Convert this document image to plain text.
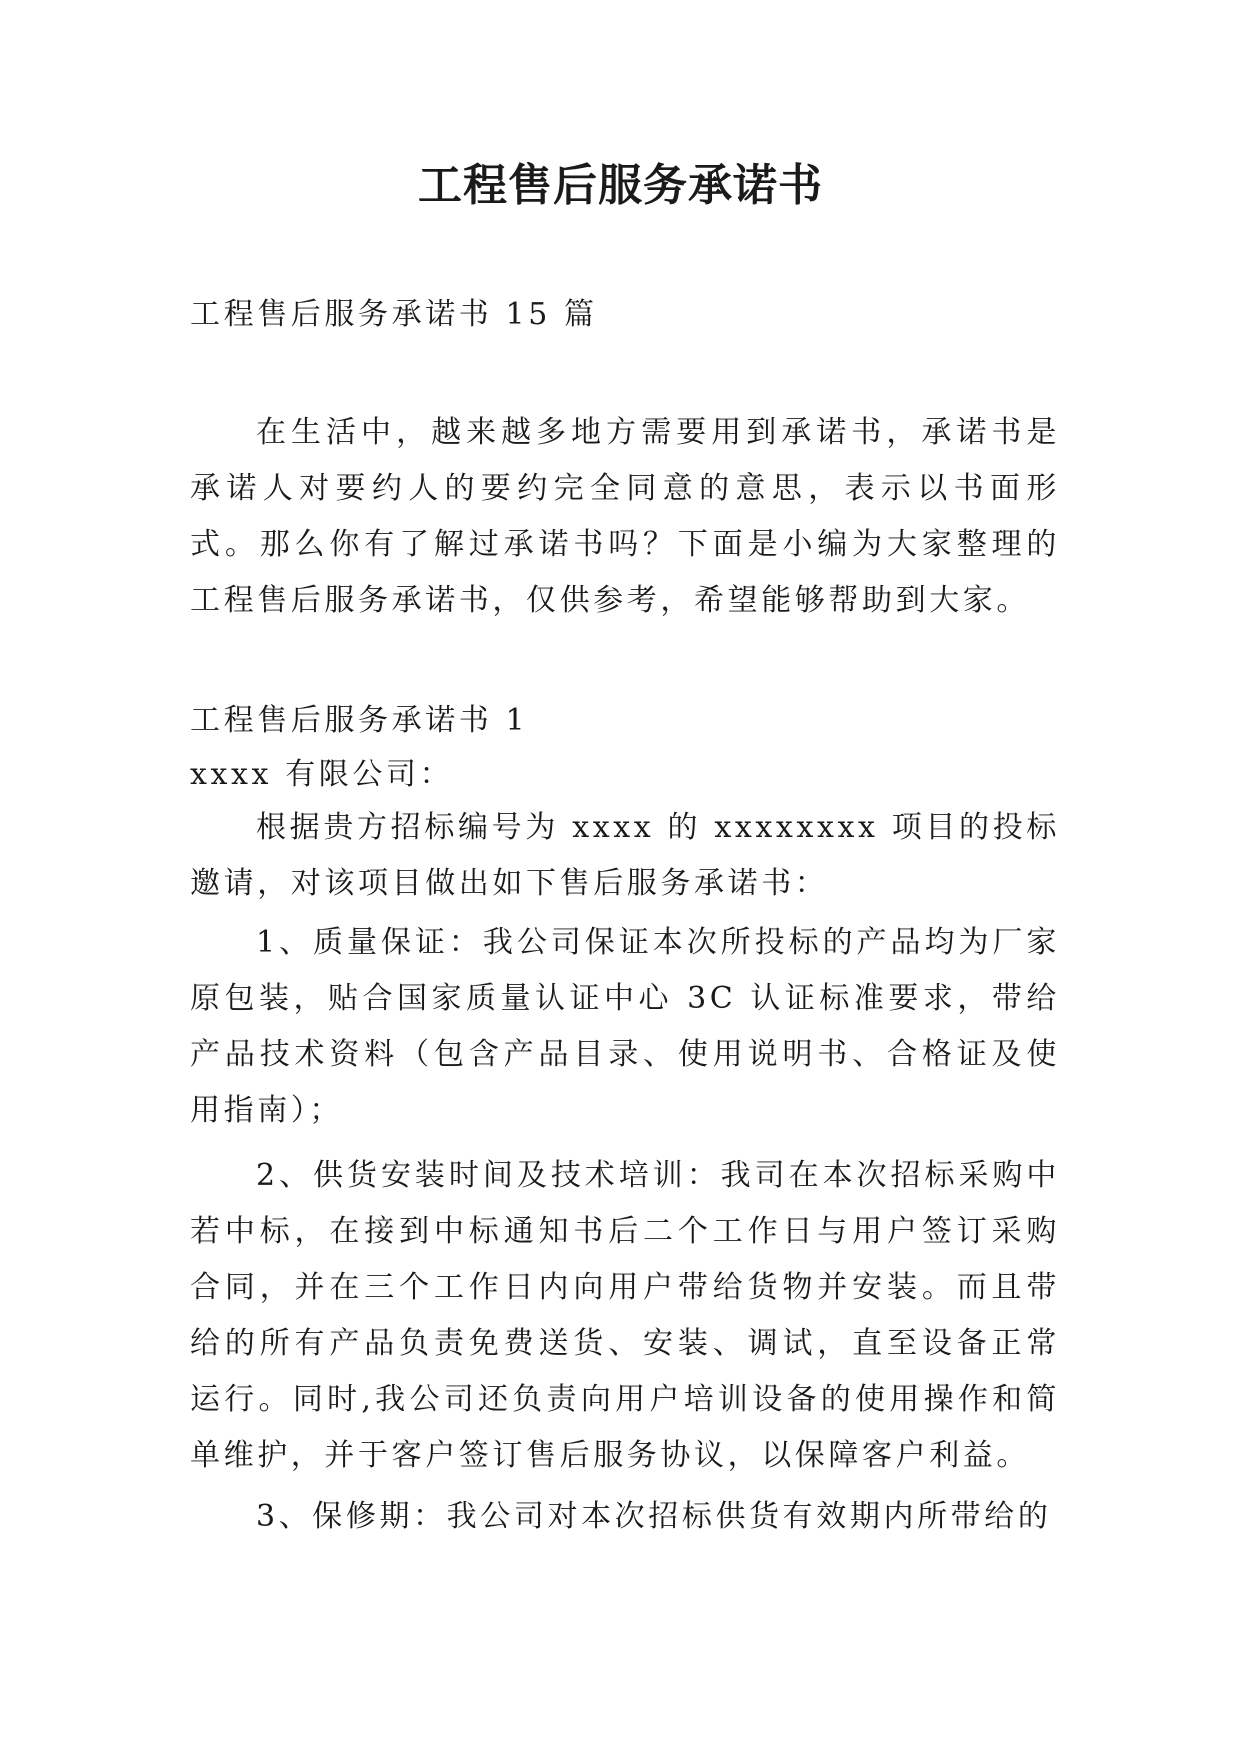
工程售后服务承诺书

工程售后服务承诺书 15 篇

在生活中，越来越多地方需要用到承诺书，承诺书是承诺人对要约人的要约完全同意的意思，表示以书面形式。那么你有了解过承诺书吗？下面是小编为大家整理的工程售后服务承诺书，仅供参考，希望能够帮助到大家。

工程售后服务承诺书 1

xxxx 有限公司：

根据贵方招标编号为 xxxx 的 xxxxxxxx 项目的投标邀请，对该项目做出如下售后服务承诺书：

1、质量保证：我公司保证本次所投标的产品均为厂家原包装，贴合国家质量认证中心 3C 认证标准要求，带给产品技术资料（包含产品目录、使用说明书、合格证及使用指南）；

2、供货安装时间及技术培训：我司在本次招标采购中若中标，在接到中标通知书后二个工作日与用户签订采购合同，并在三个工作日内向用户带给货物并安装。而且带给的所有产品负责免费送货、安装、调试，直至设备正常运行。同时,我公司还负责向用户培训设备的使用操作和简单维护，并于客户签订售后服务协议，以保障客户利益。

3、保修期：我公司对本次招标供货有效期内所带给的
